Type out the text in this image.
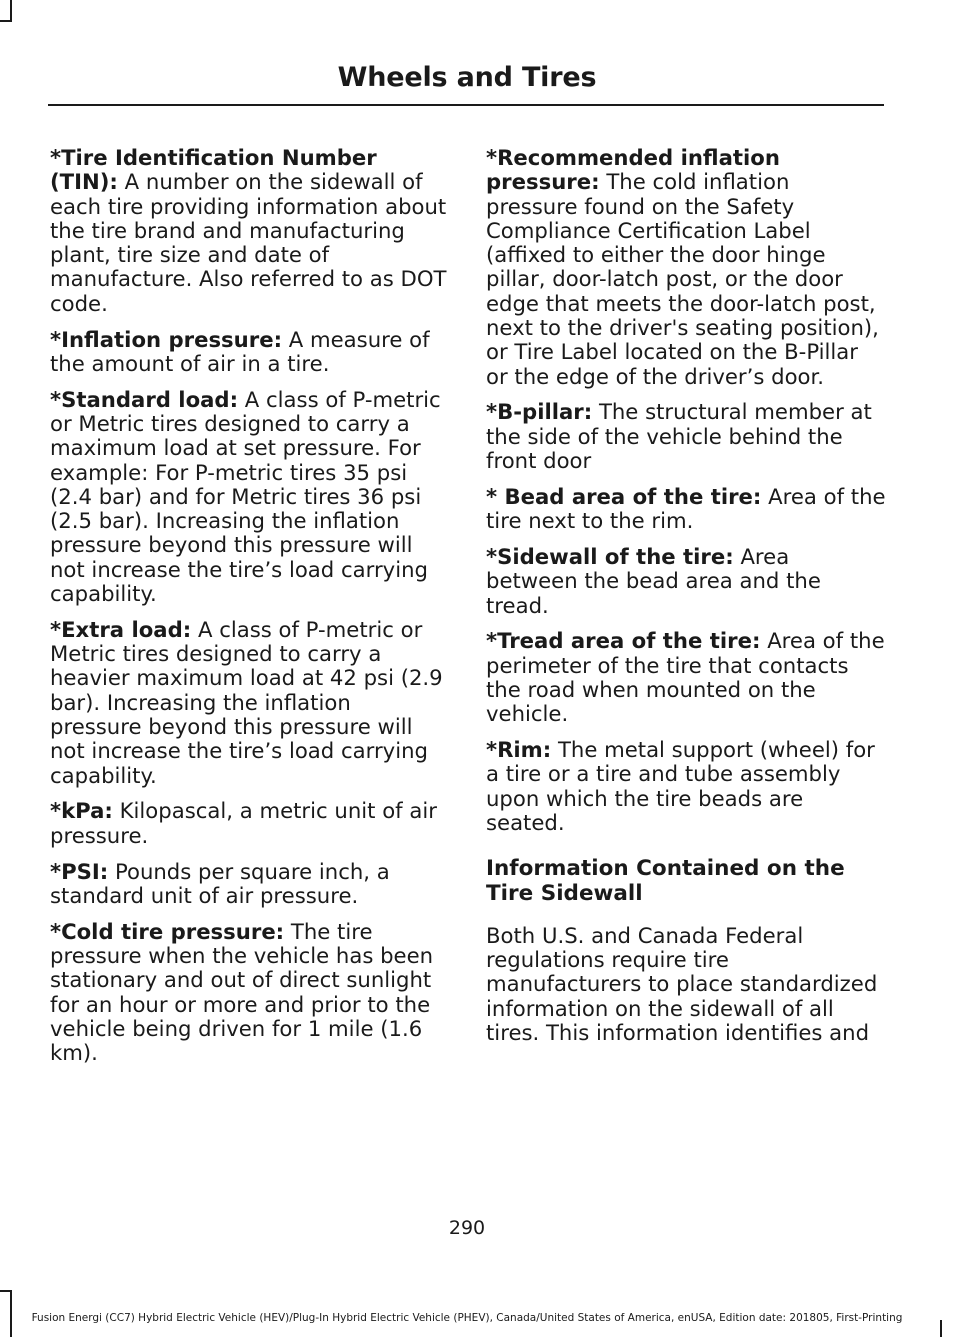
Wheels and Tires

*Tire Identification Number (TIN): A number on the sidewall of each tire providing information about the tire brand and manufacturing plant, tire size and date of manufacture. Also referred to as DOT code.

*Inflation pressure: A measure of the amount of air in a tire.

*Standard load: A class of P-metric or Metric tires designed to carry a maximum load at set pressure. For example: For P-metric tires 35 psi (2.4 bar) and for Metric tires 36 psi (2.5 bar). Increasing the inflation pressure beyond this pressure will not increase the tire’s load carrying capability.

*Extra load: A class of P-metric or Metric tires designed to carry a heavier maximum load at 42 psi (2.9 bar). Increasing the inflation pressure beyond this pressure will not increase the tire’s load carrying capability.

*kPa: Kilopascal, a metric unit of air pressure.

*PSI: Pounds per square inch, a standard unit of air pressure.

*Cold tire pressure: The tire pressure when the vehicle has been stationary and out of direct sunlight for an hour or more and prior to the vehicle being driven for 1 mile (1.6 km).

*Recommended inflation pressure: The cold inflation pressure found on the Safety Compliance Certification Label (affixed to either the door hinge pillar, door-latch post, or the door edge that meets the door-latch post, next to the driver's seating position), or Tire Label located on the B-Pillar or the edge of the driver’s door.

*B-pillar: The structural member at the side of the vehicle behind the front door

* Bead area of the tire: Area of the tire next to the rim.

*Sidewall of the tire: Area between the bead area and the tread.

*Tread area of the tire: Area of the perimeter of the tire that contacts the road when mounted on the vehicle.

*Rim: The metal support (wheel) for a tire or a tire and tube assembly upon which the tire beads are seated.

Information Contained on the Tire Sidewall

Both U.S. and Canada Federal regulations require tire manufacturers to place standardized information on the sidewall of all tires. This information identifies and

290
Fusion Energi (CC7) Hybrid Electric Vehicle (HEV)/Plug-In Hybrid Electric Vehicle (PHEV), Canada/United States of America, enUSA, Edition date: 201805, First-Printing
